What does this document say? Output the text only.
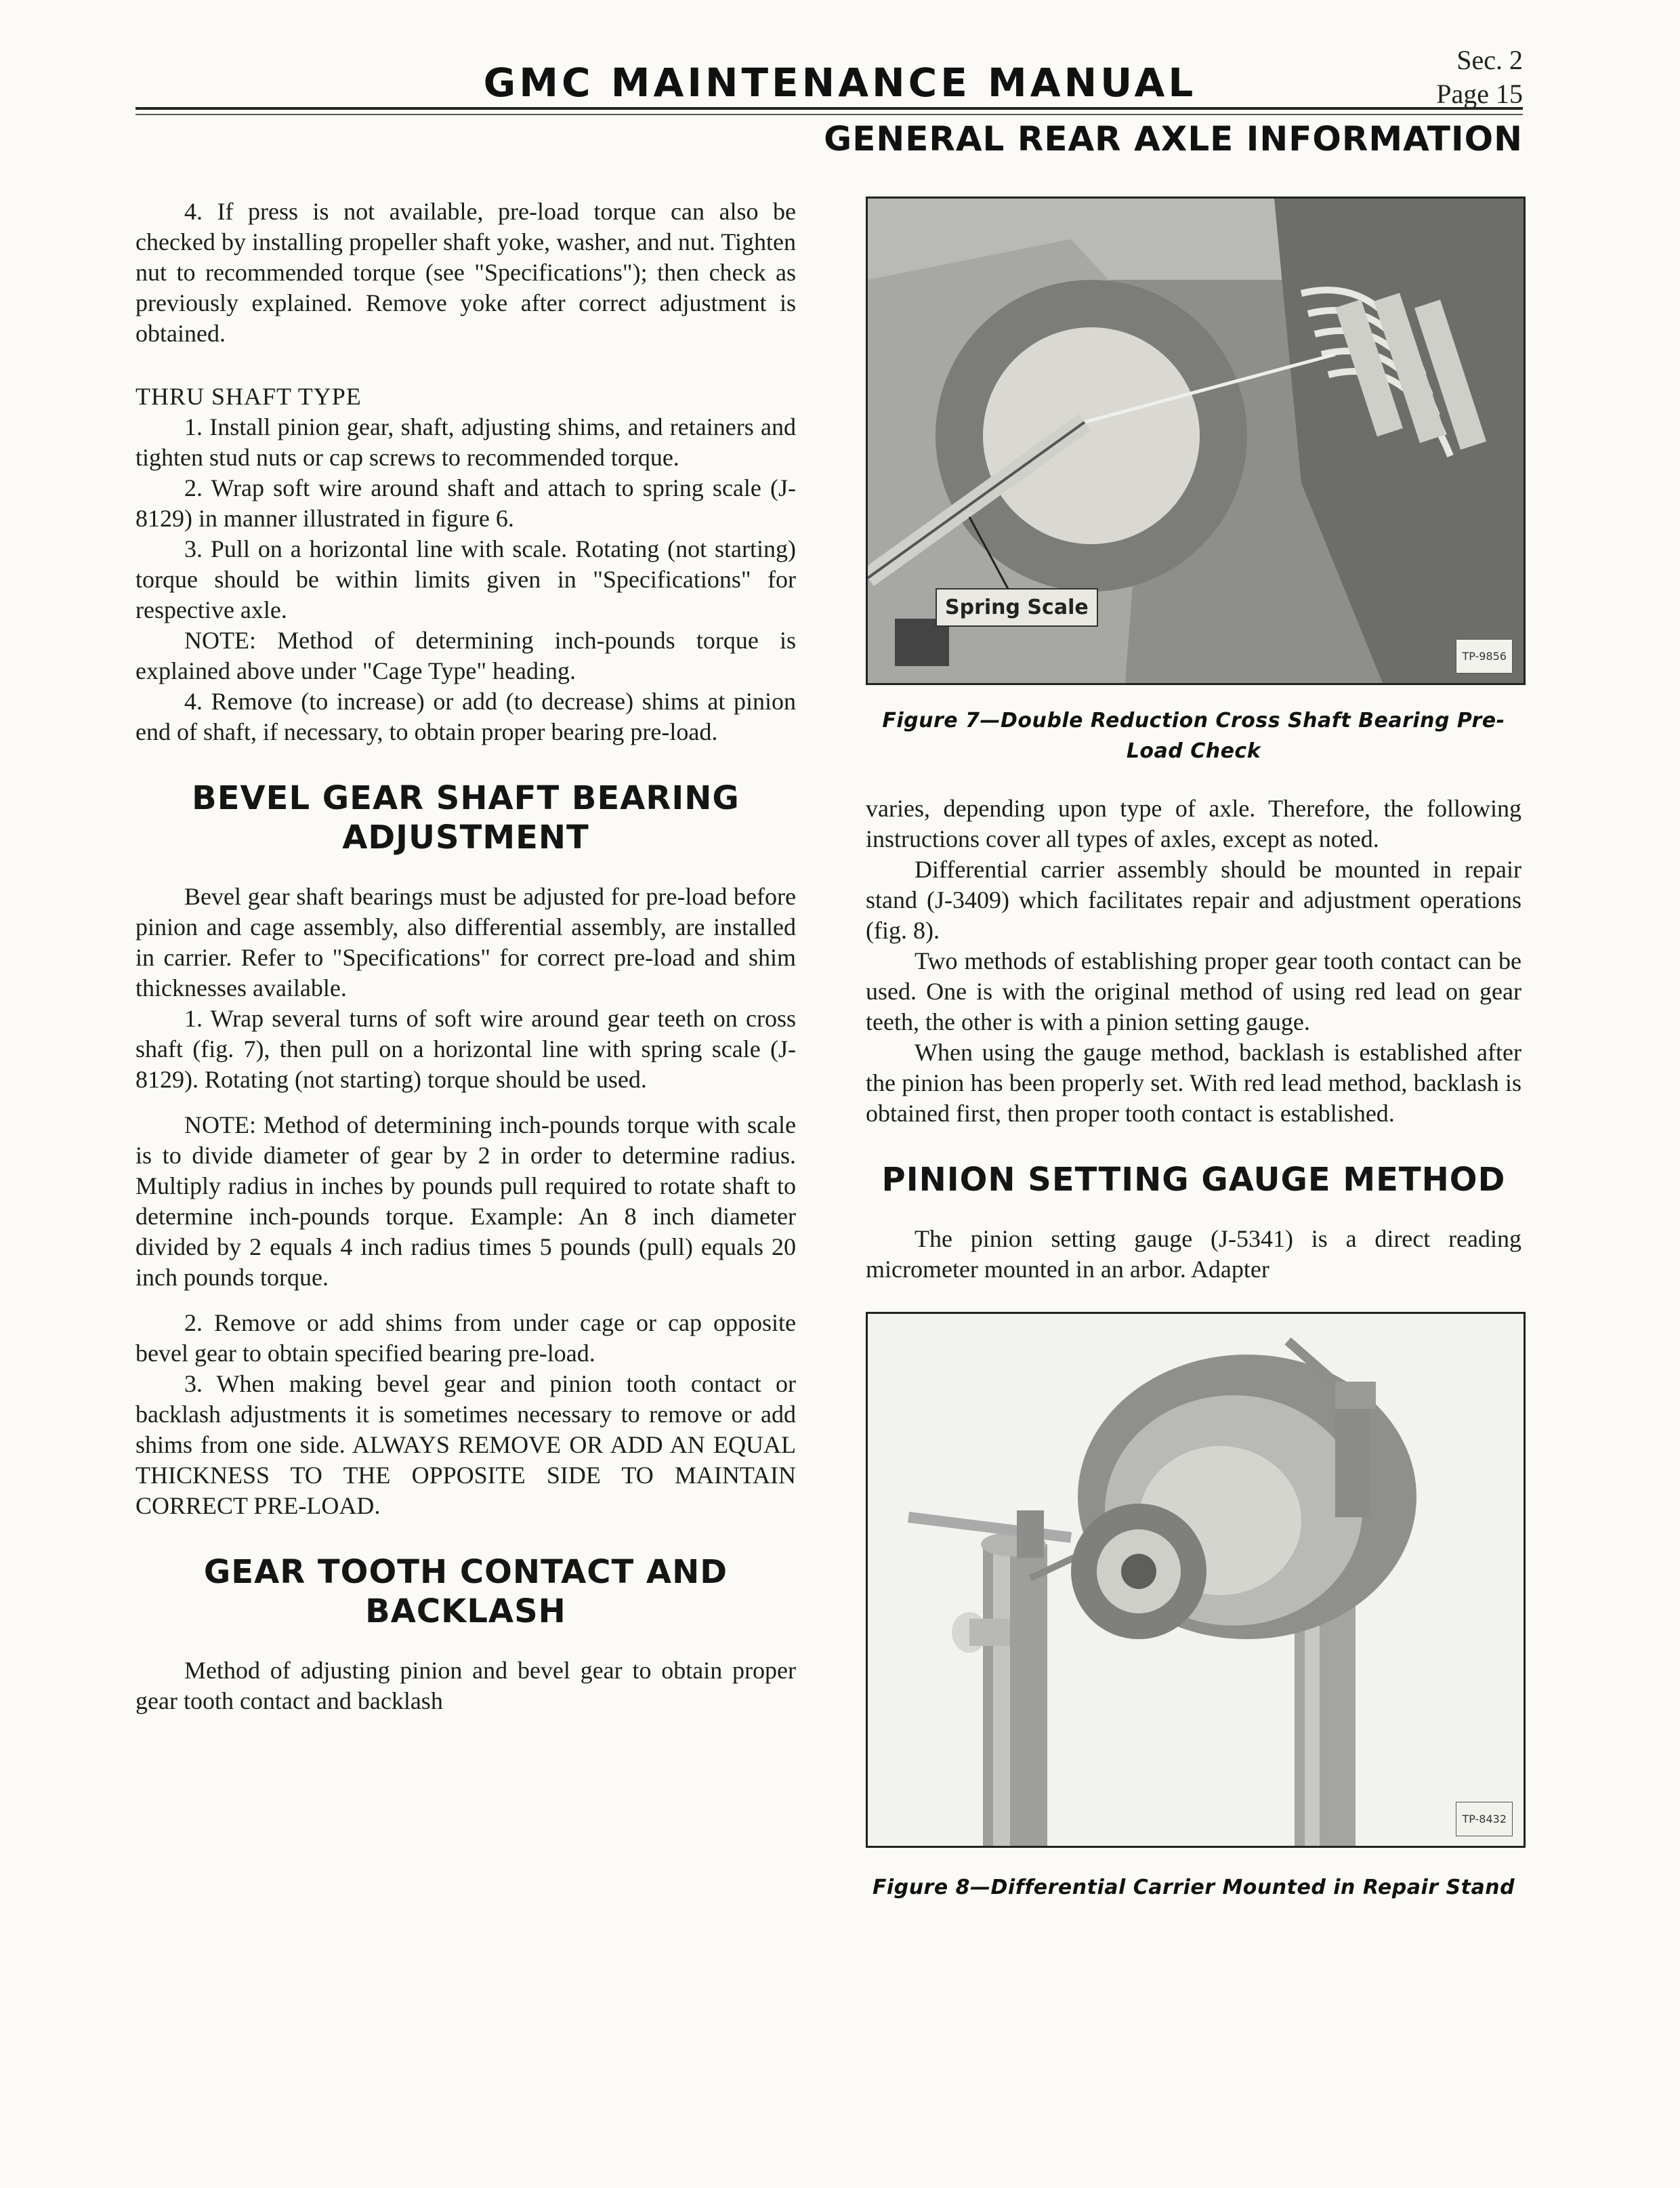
GMC MAINTENANCE MANUAL	Sec. 2
Page 15
GENERAL REAR AXLE INFORMATION

4. If press is not available, pre-load torque can also be checked by installing propeller shaft yoke, washer, and nut. Tighten nut to recommended torque (see "Specifications"); then check as previously explained. Remove yoke after correct adjustment is obtained.

THRU SHAFT TYPE

1. Install pinion gear, shaft, adjusting shims, and retainers and tighten stud nuts or cap screws to recommended torque.

2. Wrap soft wire around shaft and attach to spring scale (J-8129) in manner illustrated in figure 6.

3. Pull on a horizontal line with scale. Rotating (not starting) torque should be within limits given in "Specifications" for respective axle.

NOTE: Method of determining inch-pounds torque is explained above under "Cage Type" heading.

4. Remove (to increase) or add (to decrease) shims at pinion end of shaft, if necessary, to obtain proper bearing pre-load.

BEVEL GEAR SHAFT BEARING ADJUSTMENT

Bevel gear shaft bearings must be adjusted for pre-load before pinion and cage assembly, also differential assembly, are installed in carrier. Refer to "Specifications" for correct pre-load and shim thicknesses available.

1. Wrap several turns of soft wire around gear teeth on cross shaft (fig. 7), then pull on a horizontal line with spring scale (J-8129). Rotating (not starting) torque should be used.

NOTE: Method of determining inch-pounds torque with scale is to divide diameter of gear by 2 in order to determine radius. Multiply radius in inches by pounds pull required to rotate shaft to determine inch-pounds torque. Example: An 8 inch diameter divided by 2 equals 4 inch radius times 5 pounds (pull) equals 20 inch pounds torque.

2. Remove or add shims from under cage or cap opposite bevel gear to obtain specified bearing pre-load.

3. When making bevel gear and pinion tooth contact or backlash adjustments it is sometimes necessary to remove or add shims from one side. ALWAYS REMOVE OR ADD AN EQUAL THICKNESS TO THE OPPOSITE SIDE TO MAINTAIN CORRECT PRE-LOAD.

GEAR TOOTH CONTACT AND BACKLASH

Method of adjusting pinion and bevel gear to obtain proper gear tooth contact and backlash

Spring Scale
TP-9856
Figure 7—Double Reduction Cross Shaft Bearing Pre-Load Check

varies, depending upon type of axle. Therefore, the following instructions cover all types of axles, except as noted.

Differential carrier assembly should be mounted in repair stand (J-3409) which facilitates repair and adjustment operations (fig. 8).

Two methods of establishing proper gear tooth contact can be used. One is with the original method of using red lead on gear teeth, the other is with a pinion setting gauge.

When using the gauge method, backlash is established after the pinion has been properly set. With red lead method, backlash is obtained first, then proper tooth contact is established.

PINION SETTING GAUGE METHOD

The pinion setting gauge (J-5341) is a direct reading micrometer mounted in an arbor. Adapter

TP-8432
Figure 8—Differential Carrier Mounted in Repair Stand
